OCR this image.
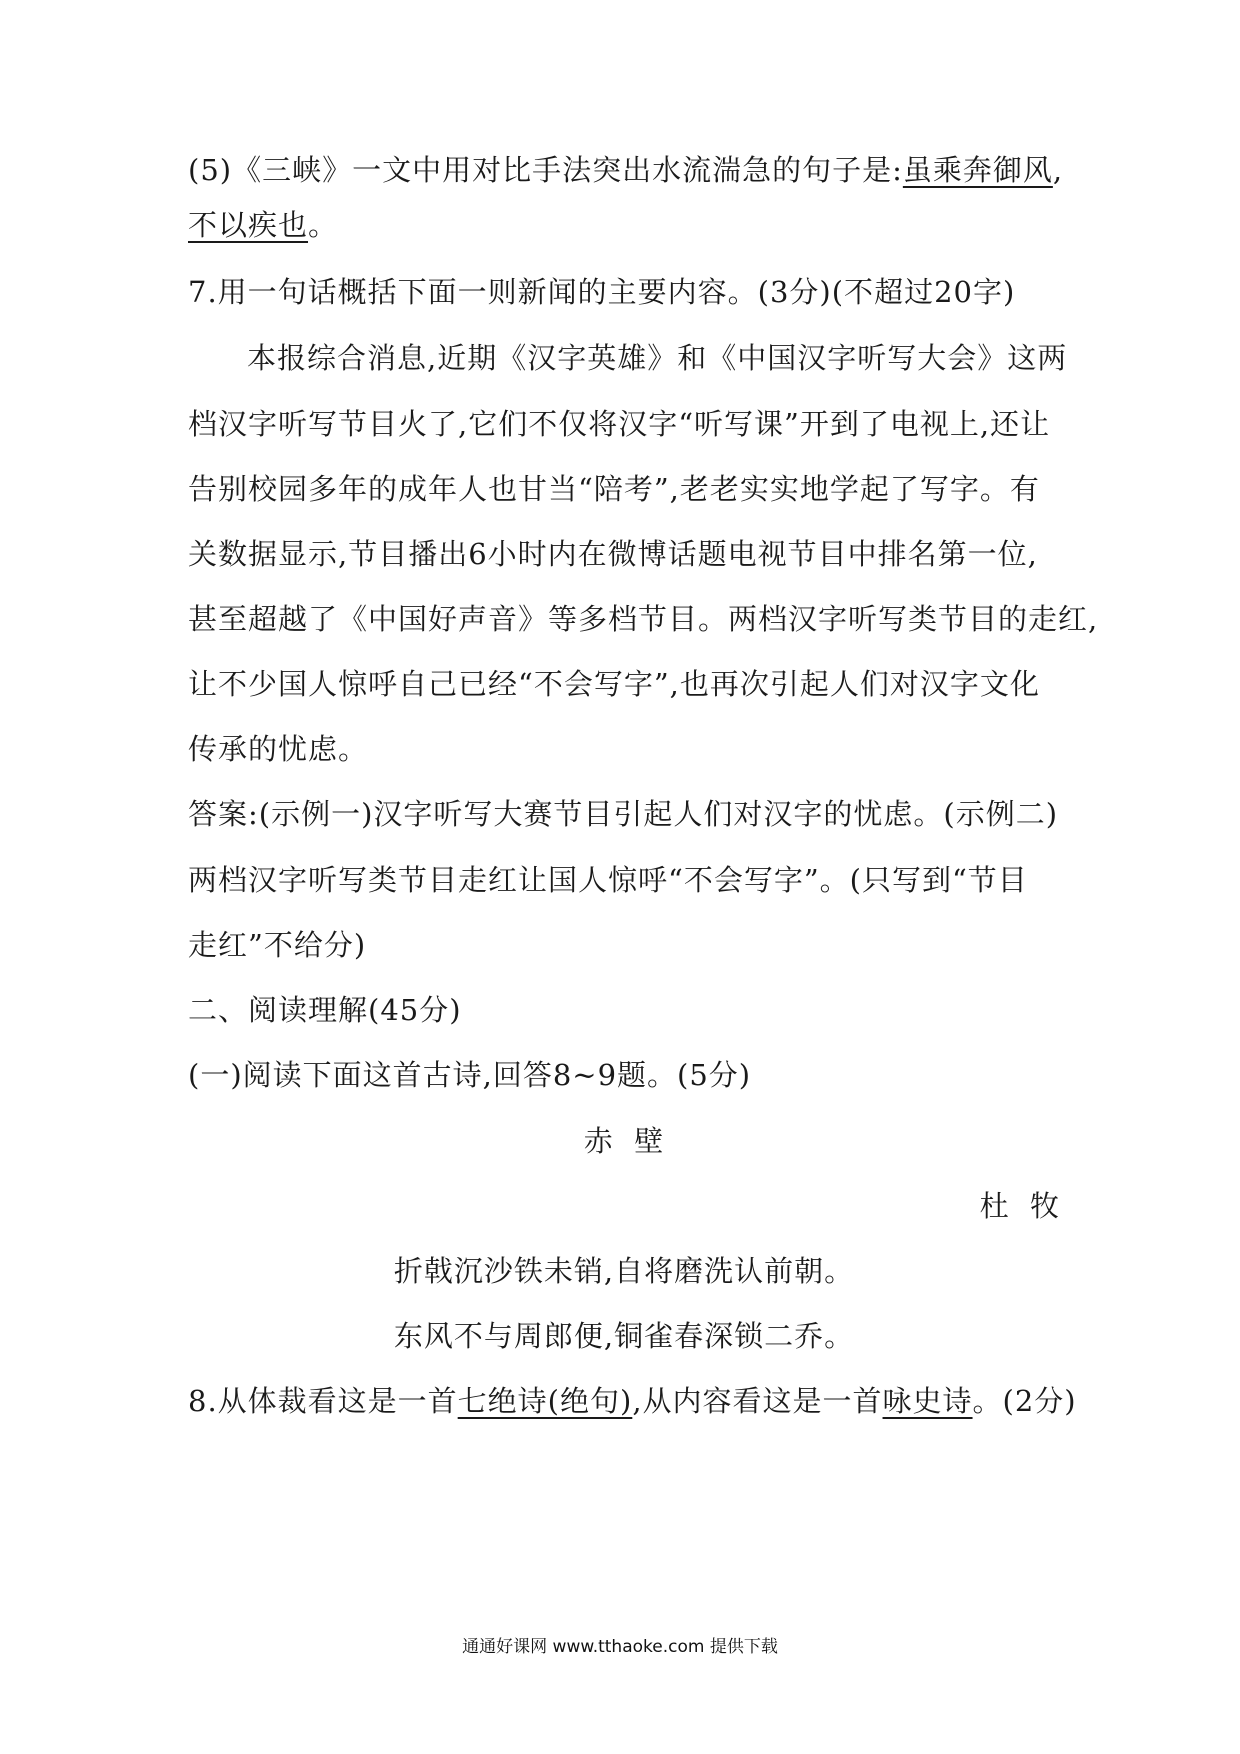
(5)《三峡》一文中用对比手法突出水流湍急的句子是:虽乘奔御风,
不以疾也。
7.用一句话概括下面一则新闻的主要内容。(3分)(不超过20字)
本报综合消息,近期《汉字英雄》和《中国汉字听写大会》这两
档汉字听写节目火了,它们不仅将汉字“听写课”开到了电视上,还让
告别校园多年的成年人也甘当“陪考”,老老实实地学起了写字。有
关数据显示,节目播出6小时内在微博话题电视节目中排名第一位,
甚至超越了《中国好声音》等多档节目。两档汉字听写类节目的走红,
让不少国人惊呼自己已经“不会写字”,也再次引起人们对汉字文化
传承的忧虑。
答案:(示例一)汉字听写大赛节目引起人们对汉字的忧虑。(示例二)
两档汉字听写类节目走红让国人惊呼“不会写字”。(只写到“节目
走红”不给分)
二、阅读理解(45分)
(一)阅读下面这首古诗,回答8~9题。(5分)
赤  壁
杜  牧
折戟沉沙铁未销,自将磨洗认前朝。
东风不与周郎便,铜雀春深锁二乔。
8.从体裁看这是一首七绝诗(绝句),从内容看这是一首咏史诗。(2分)
通通好课网 www.tthaoke.com 提供下载
